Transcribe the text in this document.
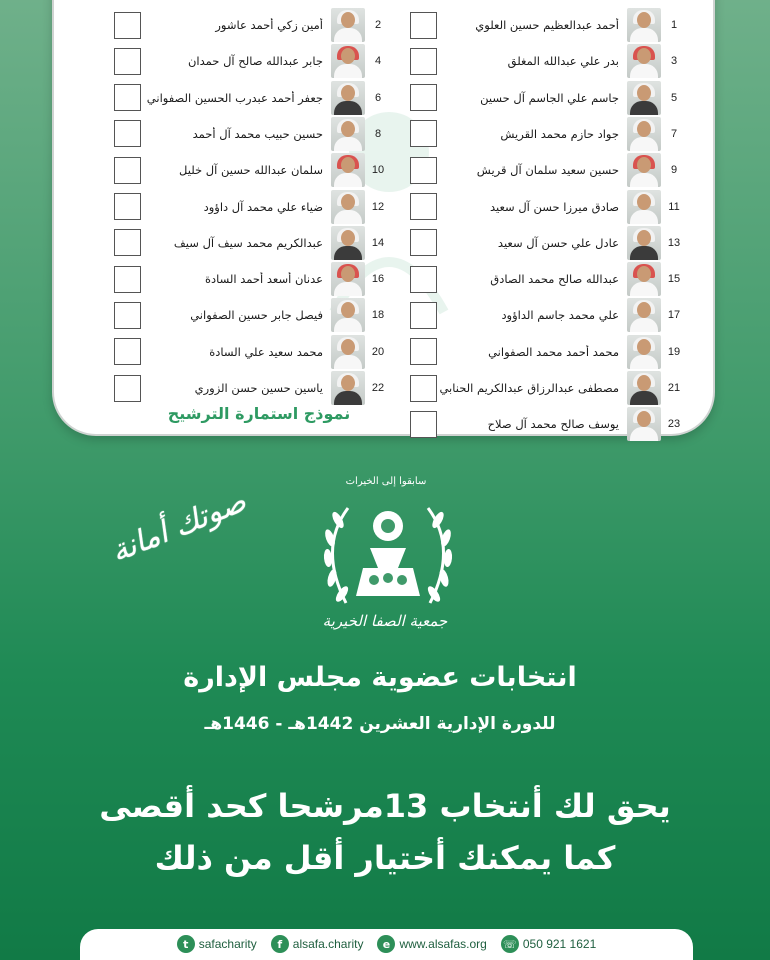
أحمد عبدالعظيم حسين العلوي	1
بدر علي عبدالله المغلق	3
جاسم علي الجاسم آل حسين	5
جواد حازم محمد القريش	7
حسين سعيد سلمان آل قريش	9
صادق ميرزا حسن آل سعيد	11
عادل علي حسن آل سعيد	13
عبدالله صالح محمد الصادق	15
علي محمد جاسم الداؤود	17
محمد أحمد محمد الصفواني	19
مصطفى عبدالرزاق عبدالكريم الحنابي	21
يوسف صالح محمد آل صلاح	23
أمين زكي أحمد عاشور	2
جابر عبدالله صالح آل حمدان	4
جعفر أحمد عبدرب الحسين الصفواني	6
حسين حبيب محمد آل أحمد	8
سلمان عبدالله حسين آل خليل	10
ضياء علي محمد آل داؤود	12
عبدالكريم محمد سيف آل سيف	14
عدنان أسعد أحمد السادة	16
فيصل جابر حسين الصفواني	18
محمد سعيد علي السادة	20
ياسين حسين حسن الزوري	22
نموذج استمارة الترشيح
صوتك أمانة
سابقوا إلى الخيرات
جمعية الصفا الخيرية
انتخابات عضوية مجلس الإدارة
للدورة الإدارية العشرين 1442هـ - 1446هـ
يحق لك أنتخاب 13مرشحا كحد أقصى
كما يمكنك أختيار أقل من ذلك
t safacharity	f alsafa.charity	e www.alsafas.org ☏ 050 921 1621
